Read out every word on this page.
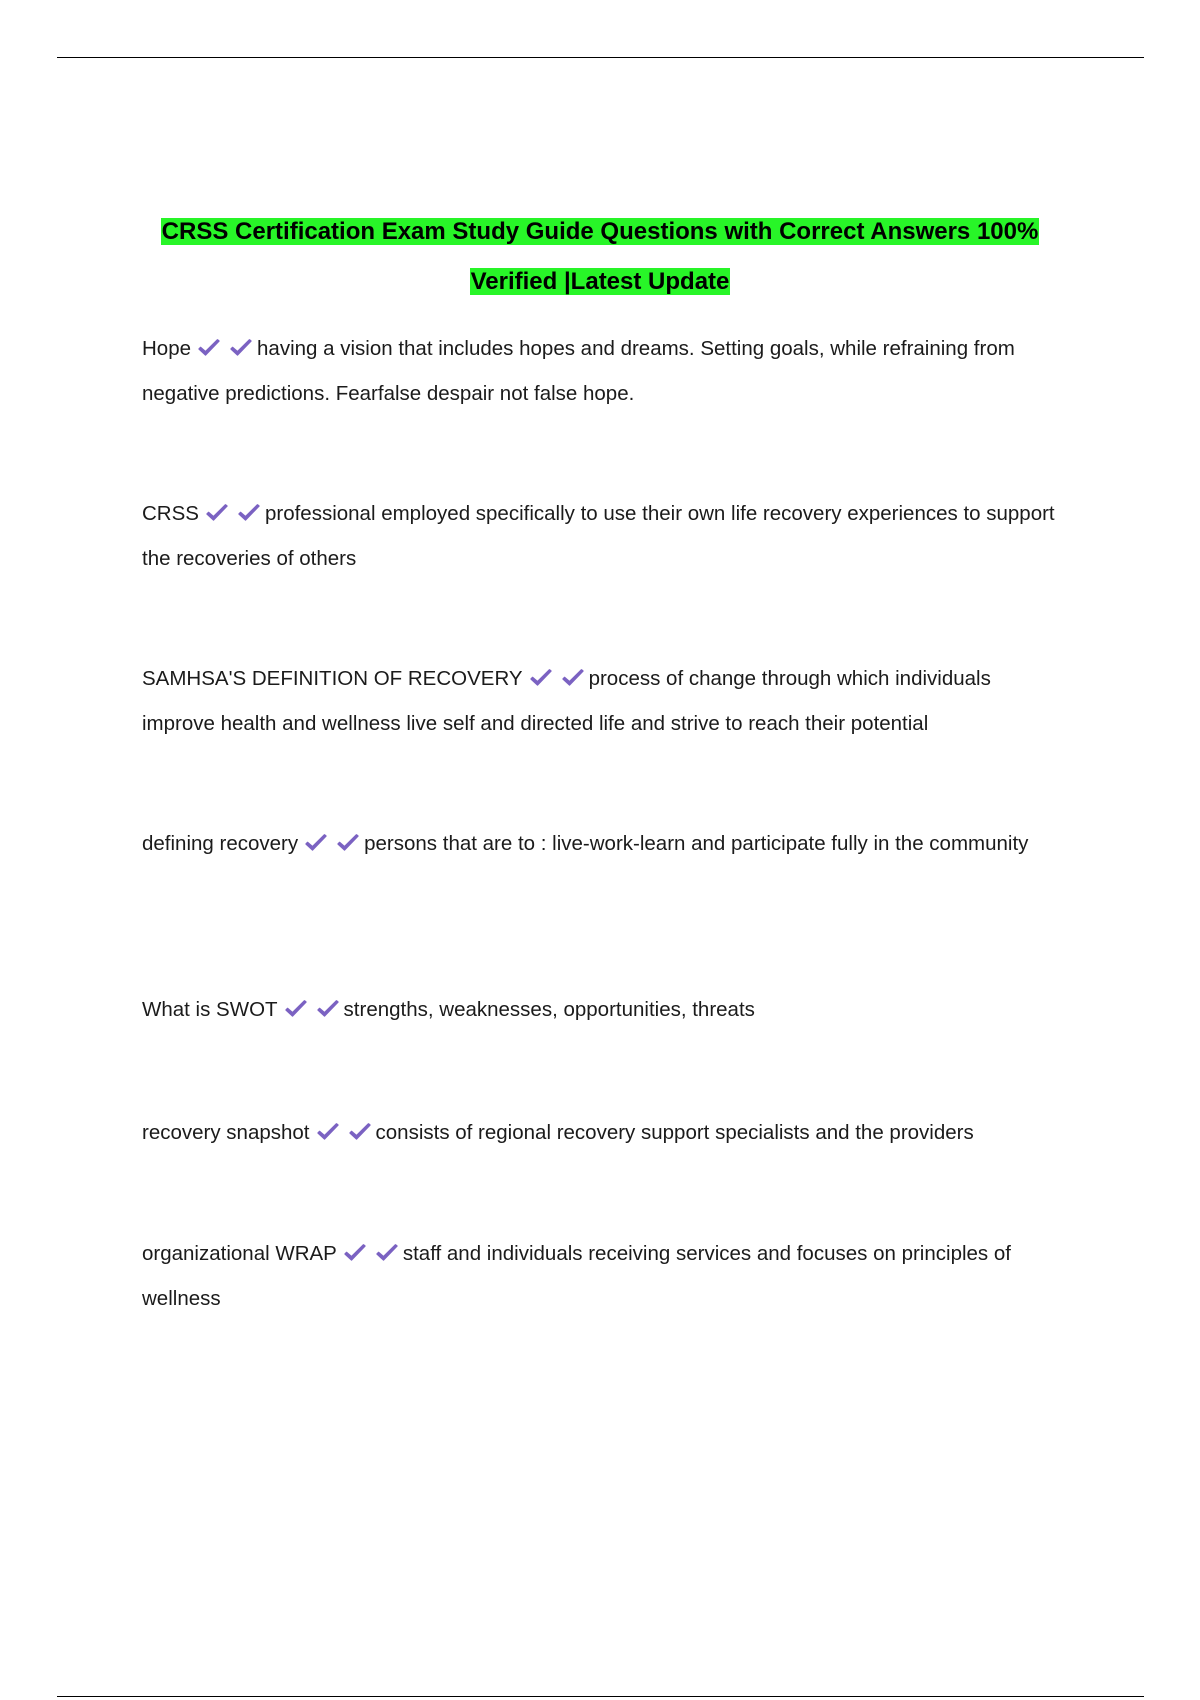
CRSS Certification Exam Study Guide Questions with Correct Answers 100%
Verified |Latest Update
Hope	having a vision that includes hopes and dreams. Setting goals, while refraining from negative predictions. Fearfalse despair not false hope.
CRSS	professional employed specifically to use their own life recovery experiences to support the recoveries of others
SAMHSA'S DEFINITION OF RECOVERY	process of change through which individuals improve health and wellness live self and directed life and strive to reach their potential
defining recovery	persons that are to : live-work-learn and participate fully in the community
What is SWOT	strengths, weaknesses, opportunities, threats
recovery snapshot	consists of regional recovery support specialists and the providers
organizational WRAP	staff and individuals receiving services and focuses on principles of wellness
